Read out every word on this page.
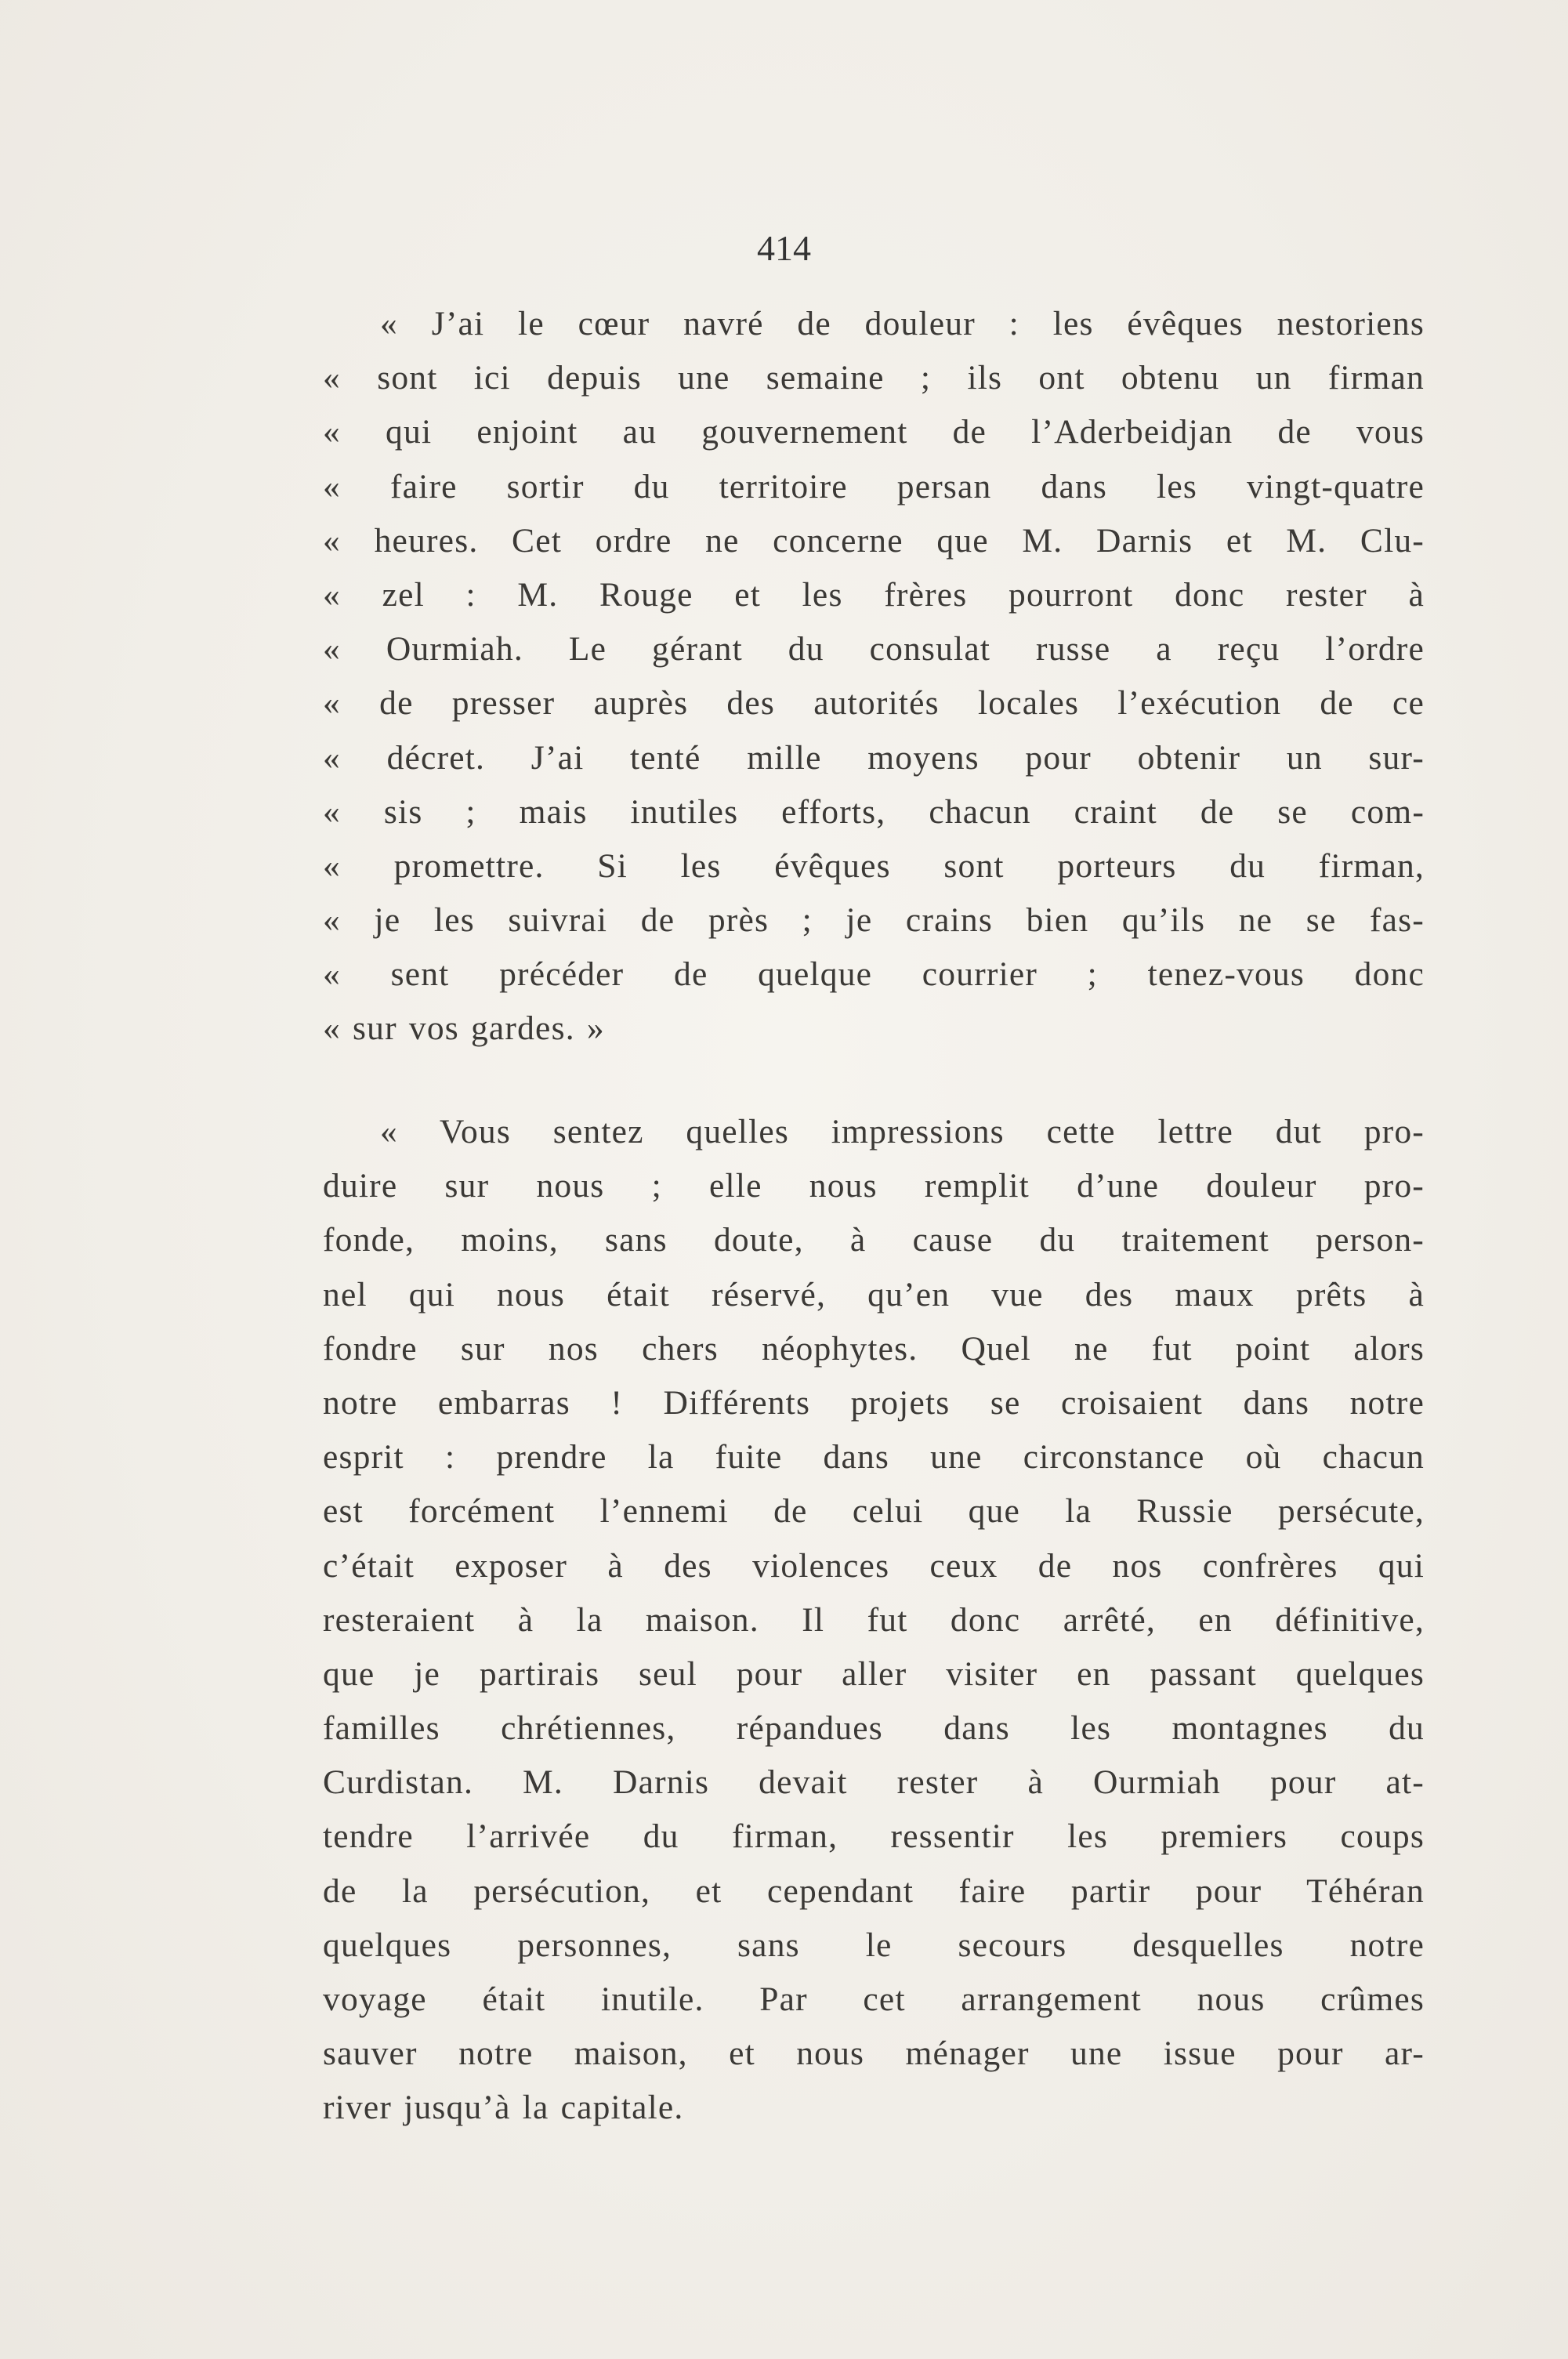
414
« J’ai le cœur navré de douleur : les évêques nestoriens
« sont ici depuis une semaine ; ils ont obtenu un firman
« qui enjoint au gouvernement de l’Aderbeidjan de vous
« faire sortir du territoire persan dans les vingt-quatre
« heures. Cet ordre ne concerne que M. Darnis et M. Clu-
« zel : M. Rouge et les frères pourront donc rester à
« Ourmiah. Le gérant du consulat russe a reçu l’ordre
« de presser auprès des autorités locales l’exécution de ce
« décret. J’ai tenté mille moyens pour obtenir un sur-
« sis ; mais inutiles efforts, chacun craint de se com-
« promettre. Si les évêques sont porteurs du firman,
« je les suivrai de près ; je crains bien qu’ils ne se fas-
« sent précéder de quelque courrier ; tenez-vous donc
« sur vos gardes. »
« Vous sentez quelles impressions cette lettre dut pro-
duire sur nous ; elle nous remplit d’une douleur pro-
fonde, moins, sans doute, à cause du traitement person-
nel qui nous était réservé, qu’en vue des maux prêts à
fondre sur nos chers néophytes. Quel ne fut point alors
notre embarras ! Différents projets se croisaient dans notre
esprit : prendre la fuite dans une circonstance où chacun
est forcément l’ennemi de celui que la Russie persécute,
c’était exposer à des violences ceux de nos confrères qui
resteraient à la maison. Il fut donc arrêté, en définitive,
que je partirais seul pour aller visiter en passant quelques
familles chrétiennes, répandues dans les montagnes du
Curdistan. M. Darnis devait rester à Ourmiah pour at-
tendre l’arrivée du firman, ressentir les premiers coups
de la persécution, et cependant faire partir pour Téhéran
quelques personnes, sans le secours desquelles notre
voyage était inutile. Par cet arrangement nous crûmes
sauver notre maison, et nous ménager une issue pour ar-
river jusqu’à la capitale.
